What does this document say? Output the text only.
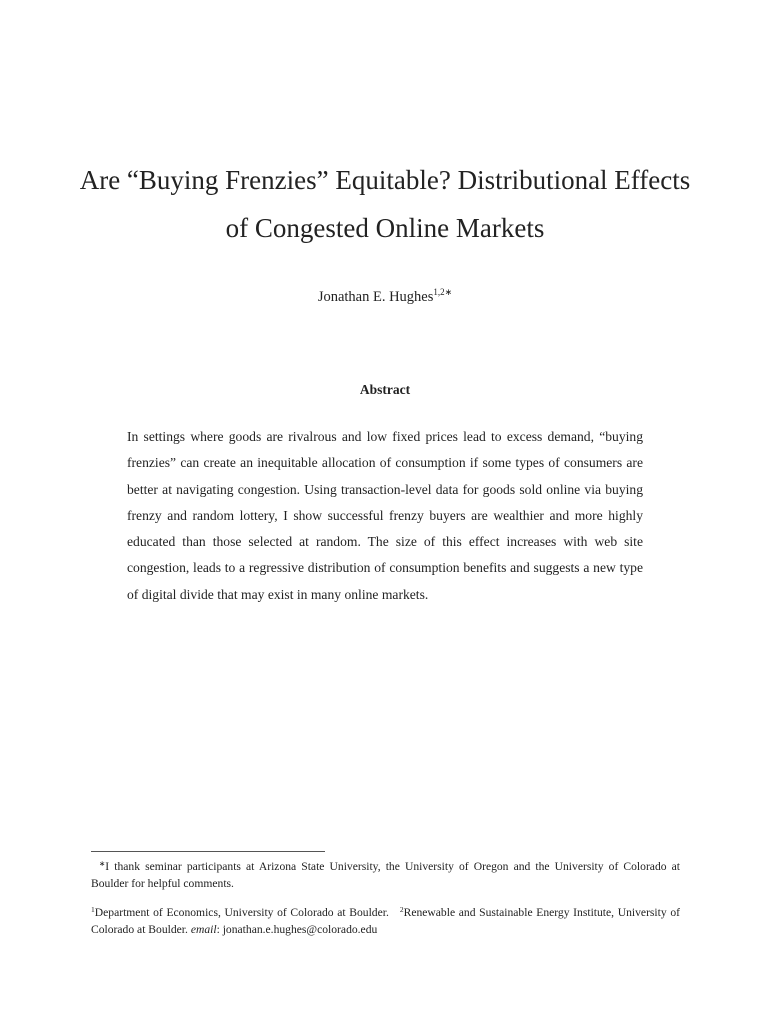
Are “Buying Frenzies” Equitable? Distributional Effects
of Congested Online Markets
Jonathan E. Hughes$^{1,2∗}$
Abstract

In settings where goods are rivalrous and low fixed prices lead to excess demand, “buying frenzies” can create an inequitable allocation of consumption if some types of consumers are better at navigating congestion. Using transaction-level data for goods sold online via buying frenzy and random lottery, I show successful frenzy buyers are wealthier and more highly educated than those selected at random. The size of this effect increases with web site congestion, leads to a regressive distribution of consumption benefits and suggests a new type of digital divide that may exist in many online markets.

∗I thank seminar participants at Arizona State University, the University of Oregon and the University of Colorado at Boulder for helpful comments.

$^1$Department of Economics, University of Colorado at Boulder. $^2$Renewable and Sustainable Energy Institute, University of Colorado at Boulder. email: jonathan.e.hughes@colorado.edu
